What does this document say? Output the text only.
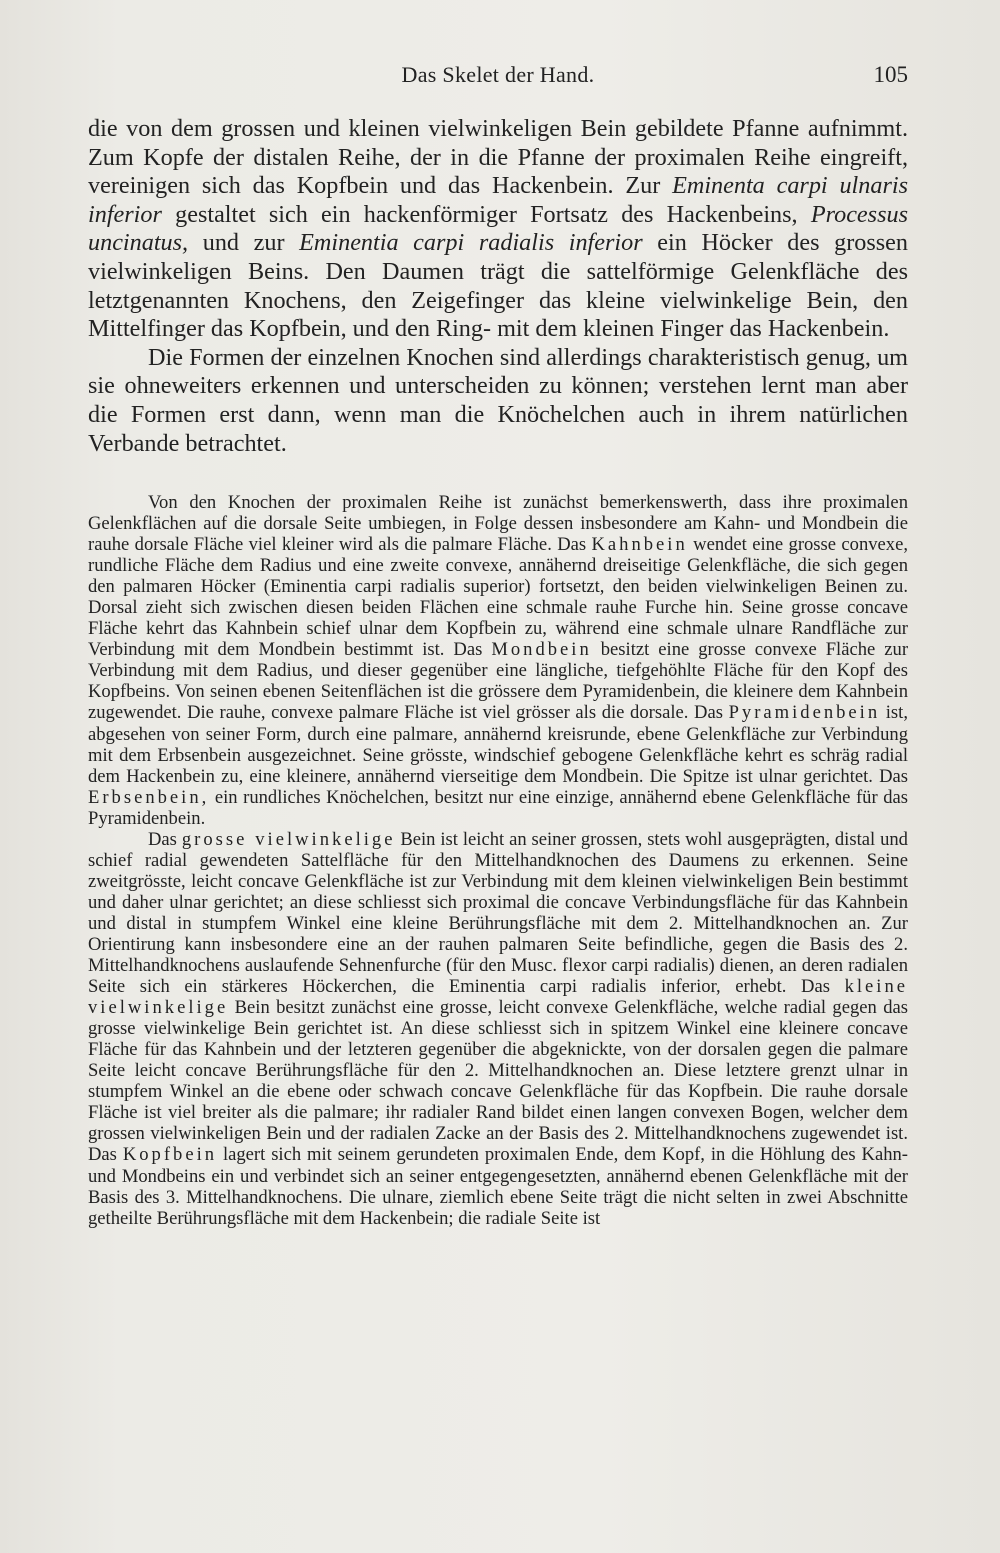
Das Skelet der Hand.	105

die von dem grossen und kleinen vielwinkeligen Bein gebildete Pfanne aufnimmt. Zum Kopfe der distalen Reihe, der in die Pfanne der proximalen Reihe eingreift, vereinigen sich das Kopfbein und das Hackenbein. Zur Eminenta carpi ulnaris inferior gestaltet sich ein hackenförmiger Fortsatz des Hackenbeins, Processus uncinatus, und zur Eminentia carpi radialis inferior ein Höcker des grossen vielwinkeligen Beins. Den Daumen trägt die sattelförmige Gelenkfläche des letztgenannten Knochens, den Zeigefinger das kleine vielwinkelige Bein, den Mittelfinger das Kopfbein, und den Ring- mit dem kleinen Finger das Hackenbein.

Die Formen der einzelnen Knochen sind allerdings charakteristisch genug, um sie ohneweiters erkennen und unterscheiden zu können; verstehen lernt man aber die Formen erst dann, wenn man die Knöchelchen auch in ihrem natürlichen Verbande betrachtet.

Von den Knochen der proximalen Reihe ist zunächst bemerkenswerth, dass ihre proximalen Gelenkflächen auf die dorsale Seite umbiegen, in Folge dessen insbesondere am Kahn- und Mondbein die rauhe dorsale Fläche viel kleiner wird als die palmare Fläche. Das Kahnbein wendet eine grosse convexe, rundliche Fläche dem Radius und eine zweite convexe, annähernd dreiseitige Gelenkfläche, die sich gegen den palmaren Höcker (Eminentia carpi radialis superior) fortsetzt, den beiden vielwinkeligen Beinen zu. Dorsal zieht sich zwischen diesen beiden Flächen eine schmale rauhe Furche hin. Seine grosse concave Fläche kehrt das Kahnbein schief ulnar dem Kopfbein zu, während eine schmale ulnare Randfläche zur Verbindung mit dem Mondbein bestimmt ist. Das Mondbein besitzt eine grosse convexe Fläche zur Verbindung mit dem Radius, und dieser gegenüber eine längliche, tiefgehöhlte Fläche für den Kopf des Kopfbeins. Von seinen ebenen Seitenflächen ist die grössere dem Pyramidenbein, die kleinere dem Kahnbein zugewendet. Die rauhe, convexe palmare Fläche ist viel grösser als die dorsale. Das Pyramidenbein ist, abgesehen von seiner Form, durch eine palmare, annähernd kreisrunde, ebene Gelenkfläche zur Verbindung mit dem Erbsenbein ausgezeichnet. Seine grösste, windschief gebogene Gelenkfläche kehrt es schräg radial dem Hackenbein zu, eine kleinere, annähernd vierseitige dem Mondbein. Die Spitze ist ulnar gerichtet. Das Erbsenbein, ein rundliches Knöchelchen, besitzt nur eine einzige, annähernd ebene Gelenkfläche für das Pyramidenbein.

Das grosse vielwinkelige Bein ist leicht an seiner grossen, stets wohl ausgeprägten, distal und schief radial gewendeten Sattelfläche für den Mittelhandknochen des Daumens zu erkennen. Seine zweitgrösste, leicht concave Gelenkfläche ist zur Verbindung mit dem kleinen vielwinkeligen Bein bestimmt und daher ulnar gerichtet; an diese schliesst sich proximal die concave Verbindungsfläche für das Kahnbein und distal in stumpfem Winkel eine kleine Berührungsfläche mit dem 2. Mittelhandknochen an. Zur Orientirung kann insbesondere eine an der rauhen palmaren Seite befindliche, gegen die Basis des 2. Mittelhandknochens auslaufende Sehnenfurche (für den Musc. flexor carpi radialis) dienen, an deren radialen Seite sich ein stärkeres Höckerchen, die Eminentia carpi radialis inferior, erhebt. Das kleine vielwinkelige Bein besitzt zunächst eine grosse, leicht convexe Gelenkfläche, welche radial gegen das grosse vielwinkelige Bein gerichtet ist. An diese schliesst sich in spitzem Winkel eine kleinere concave Fläche für das Kahnbein und der letzteren gegenüber die abgeknickte, von der dorsalen gegen die palmare Seite leicht concave Berührungsfläche für den 2. Mittelhandknochen an. Diese letztere grenzt ulnar in stumpfem Winkel an die ebene oder schwach concave Gelenkfläche für das Kopfbein. Die rauhe dorsale Fläche ist viel breiter als die palmare; ihr radialer Rand bildet einen langen convexen Bogen, welcher dem grossen vielwinkeligen Bein und der radialen Zacke an der Basis des 2. Mittelhandknochens zugewendet ist. Das Kopfbein lagert sich mit seinem gerundeten proximalen Ende, dem Kopf, in die Höhlung des Kahn- und Mondbeins ein und verbindet sich an seiner entgegengesetzten, annähernd ebenen Gelenkfläche mit der Basis des 3. Mittelhandknochens. Die ulnare, ziemlich ebene Seite trägt die nicht selten in zwei Abschnitte getheilte Berührungsfläche mit dem Hackenbein; die radiale Seite ist
